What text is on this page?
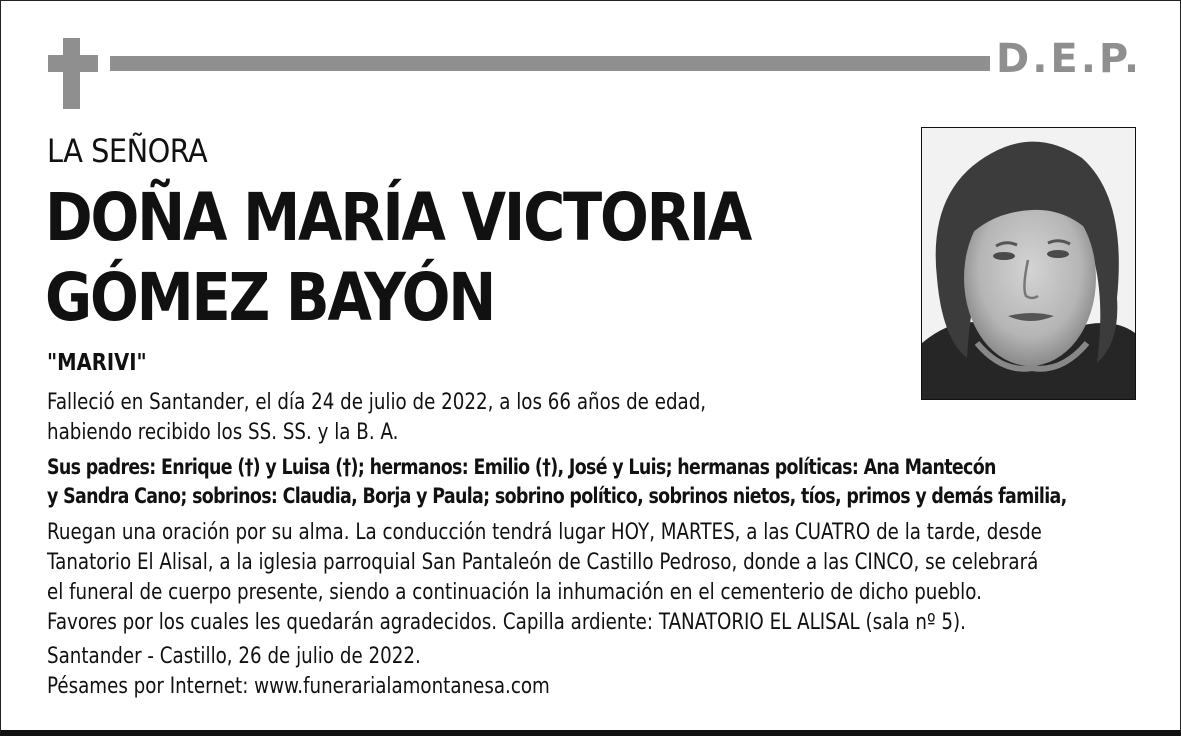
D.E.P.
LA SEÑORA
DOÑA MARÍA VICTORIA
GÓMEZ BAYÓN
"MARIVI"

Falleció en Santander, el día 24 de julio de 2022, a los 66 años de edad,
habiendo recibido los SS. SS. y la B. A.

Sus padres: Enrique (†) y Luisa (†); hermanos: Emilio (†), José y Luis; hermanas políticas: Ana Mantecón
y Sandra Cano; sobrinos: Claudia, Borja y Paula; sobrino político, sobrinos nietos, tíos, primos y demás familia,

Ruegan una oración por su alma. La conducción tendrá lugar HOY, MARTES, a las CUATRO de la tarde, desde
Tanatorio El Alisal, a la iglesia parroquial San Pantaleón de Castillo Pedroso, donde a las CINCO, se celebrará
el funeral de cuerpo presente, siendo a continuación la inhumación en el cementerio de dicho pueblo.
Favores por los cuales les quedarán agradecidos. Capilla ardiente: TANATORIO EL ALISAL (sala nº 5).

Santander - Castillo, 26 de julio de 2022.
Pésames por Internet: www.funerarialamontanesa.com
